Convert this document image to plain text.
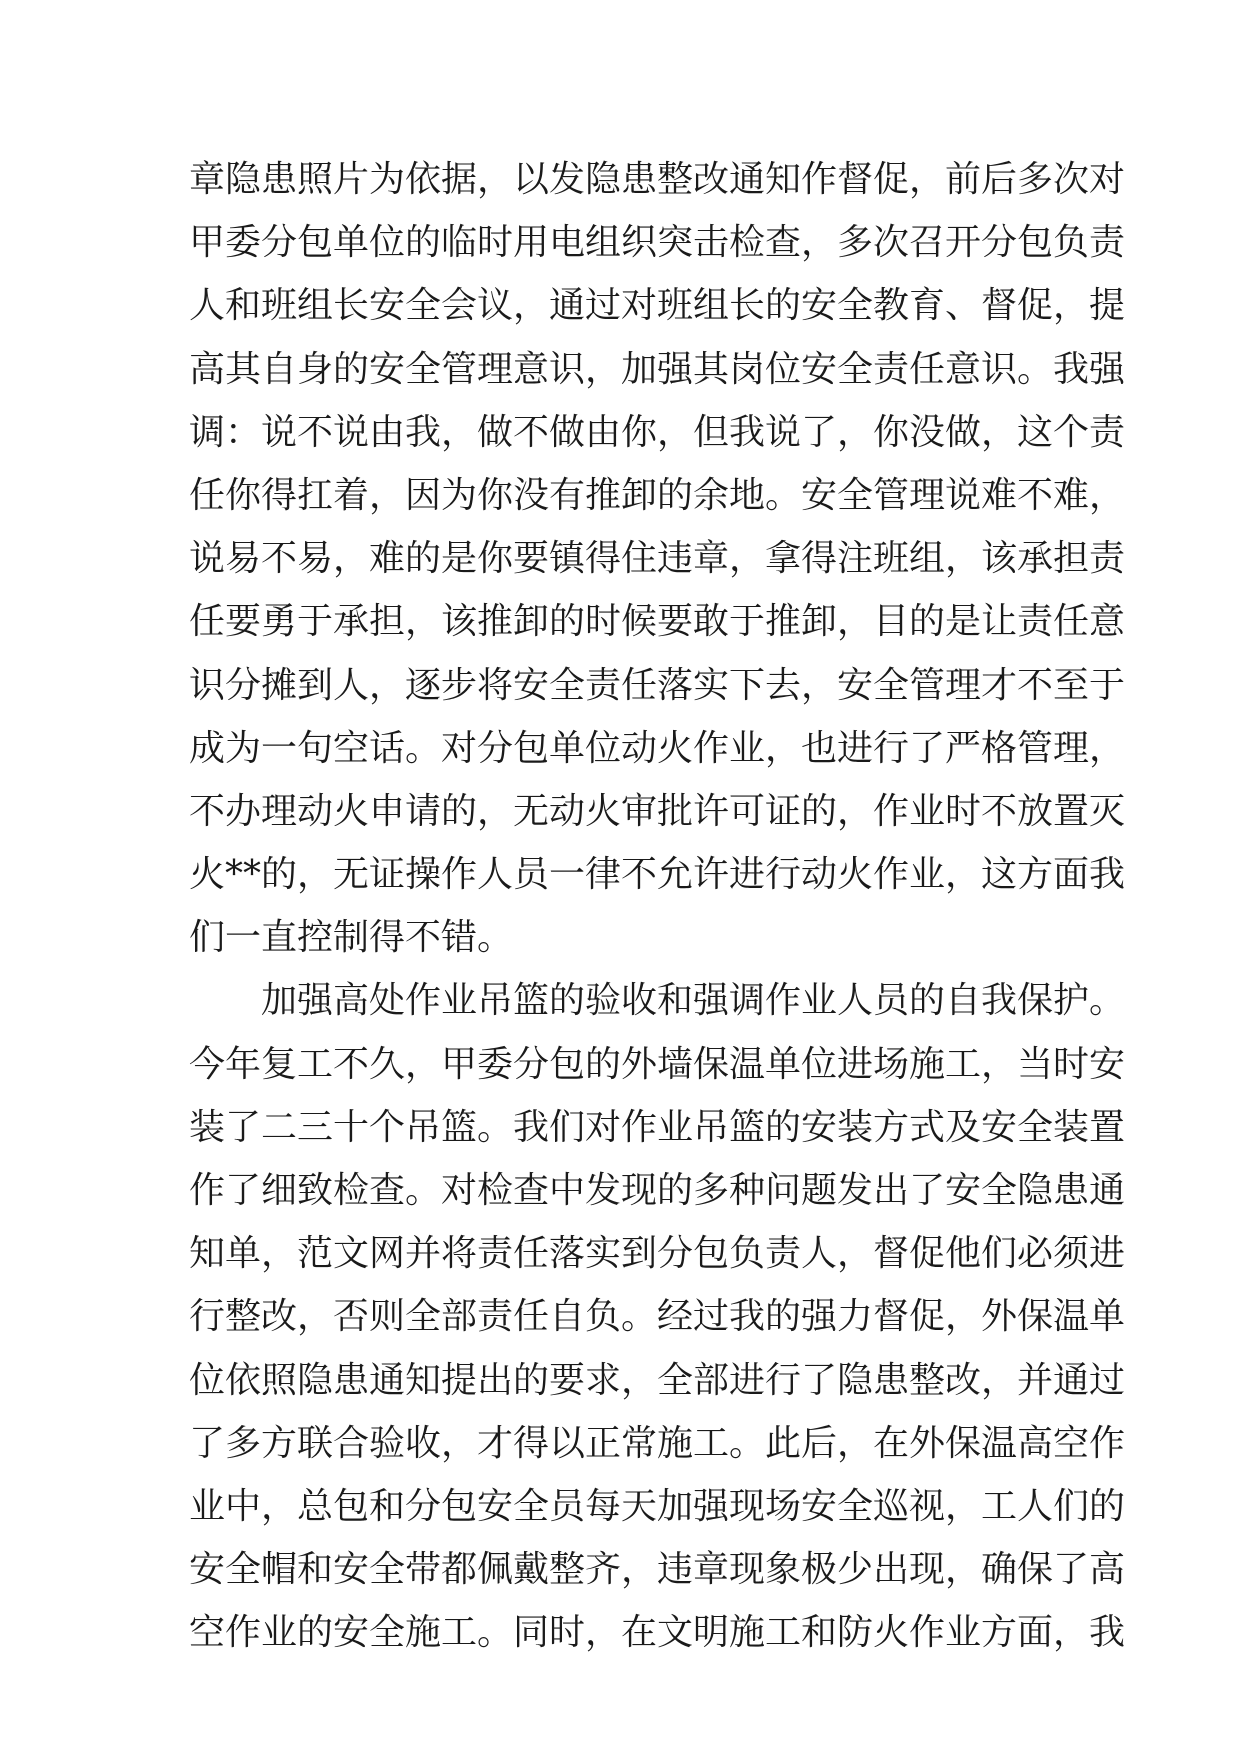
章隐患照片为依据，以发隐患整改通知作督促，前后多次对
甲委分包单位的临时用电组织突击检查，多次召开分包负责
人和班组长安全会议，通过对班组长的安全教育、督促，提
高其自身的安全管理意识，加强其岗位安全责任意识。我强
调：说不说由我，做不做由你，但我说了，你没做，这个责
任你得扛着，因为你没有推卸的余地。安全管理说难不难，
说易不易，难的是你要镇得住违章，拿得注班组，该承担责
任要勇于承担，该推卸的时候要敢于推卸，目的是让责任意
识分摊到人，逐步将安全责任落实下去，安全管理才不至于
成为一句空话。对分包单位动火作业，也进行了严格管理，
不办理动火申请的，无动火审批许可证的，作业时不放置灭
火**的，无证操作人员一律不允许进行动火作业，这方面我
们一直控制得不错。
加强高处作业吊篮的验收和强调作业人员的自我保护。
今年复工不久，甲委分包的外墙保温单位进场施工，当时安
装了二三十个吊篮。我们对作业吊篮的安装方式及安全装置
作了细致检查。对检查中发现的多种问题发出了安全隐患通
知单，范文网并将责任落实到分包负责人，督促他们必须进
行整改，否则全部责任自负。经过我的强力督促，外保温单
位依照隐患通知提出的要求，全部进行了隐患整改，并通过
了多方联合验收，才得以正常施工。此后，在外保温高空作
业中，总包和分包安全员每天加强现场安全巡视，工人们的
安全帽和安全带都佩戴整齐，违章现象极少出现，确保了高
空作业的安全施工。同时，在文明施工和防火作业方面，我
